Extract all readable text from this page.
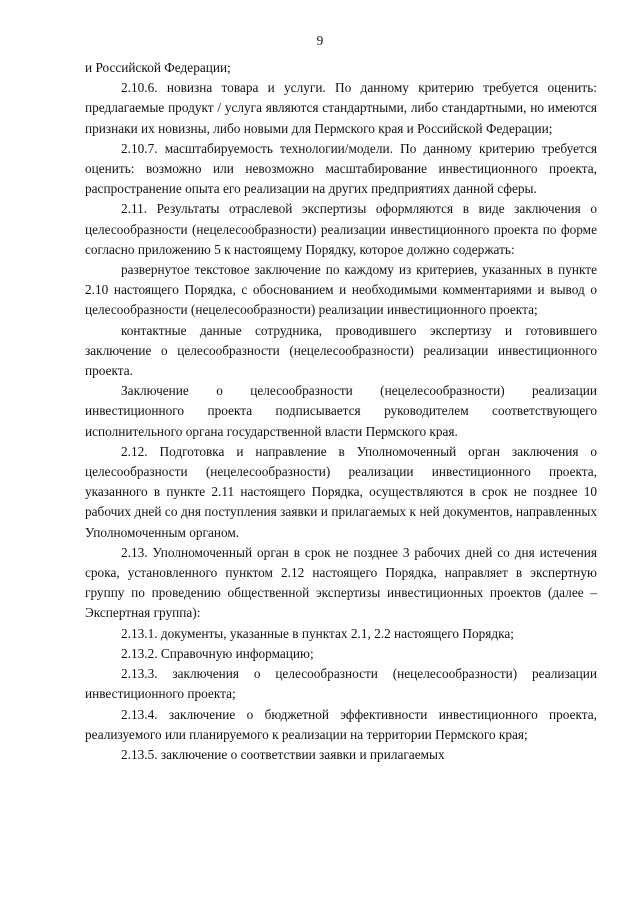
9

и Российской Федерации;

2.10.6. новизна товара и услуги. По данному критерию требуется оценить: предлагаемые продукт / услуга являются стандартными, либо стандартными, но имеются признаки их новизны, либо новыми для Пермского края и Российской Федерации;

2.10.7. масштабируемость технологии/модели. По данному критерию требуется оценить: возможно или невозможно масштабирование инвестиционного проекта, распространение опыта его реализации на других предприятиях данной сферы.

2.11. Результаты отраслевой экспертизы оформляются в виде заключения о целесообразности (нецелесообразности) реализации инвестиционного проекта по форме согласно приложению 5 к настоящему Порядку, которое должно содержать:

развернутое текстовое заключение по каждому из критериев, указанных в пункте 2.10 настоящего Порядка, с обоснованием и необходимыми комментариями и вывод о целесообразности (нецелесообразности) реализации инвестиционного проекта;

контактные данные сотрудника, проводившего экспертизу и готовившего заключение о целесообразности (нецелесообразности) реализации инвестиционного проекта.

Заключение о целесообразности (нецелесообразности) реализации инвестиционного проекта подписывается руководителем соответствующего исполнительного органа государственной власти Пермского края.

2.12. Подготовка и направление в Уполномоченный орган заключения о целесообразности (нецелесообразности) реализации инвестиционного проекта, указанного в пункте 2.11 настоящего Порядка, осуществляются в срок не позднее 10 рабочих дней со дня поступления заявки и прилагаемых к ней документов, направленных Уполномоченным органом.

2.13. Уполномоченный орган в срок не позднее 3 рабочих дней со дня истечения срока, установленного пунктом 2.12 настоящего Порядка, направляет в экспертную группу по проведению общественной экспертизы инвестиционных проектов (далее – Экспертная группа):

2.13.1. документы, указанные в пунктах 2.1, 2.2 настоящего Порядка;

2.13.2. Справочную информацию;

2.13.3. заключения о целесообразности (нецелесообразности) реализации инвестиционного проекта;

2.13.4. заключение о бюджетной эффективности инвестиционного проекта, реализуемого или планируемого к реализации на территории Пермского края;

2.13.5. заключение о соответствии заявки и прилагаемых
